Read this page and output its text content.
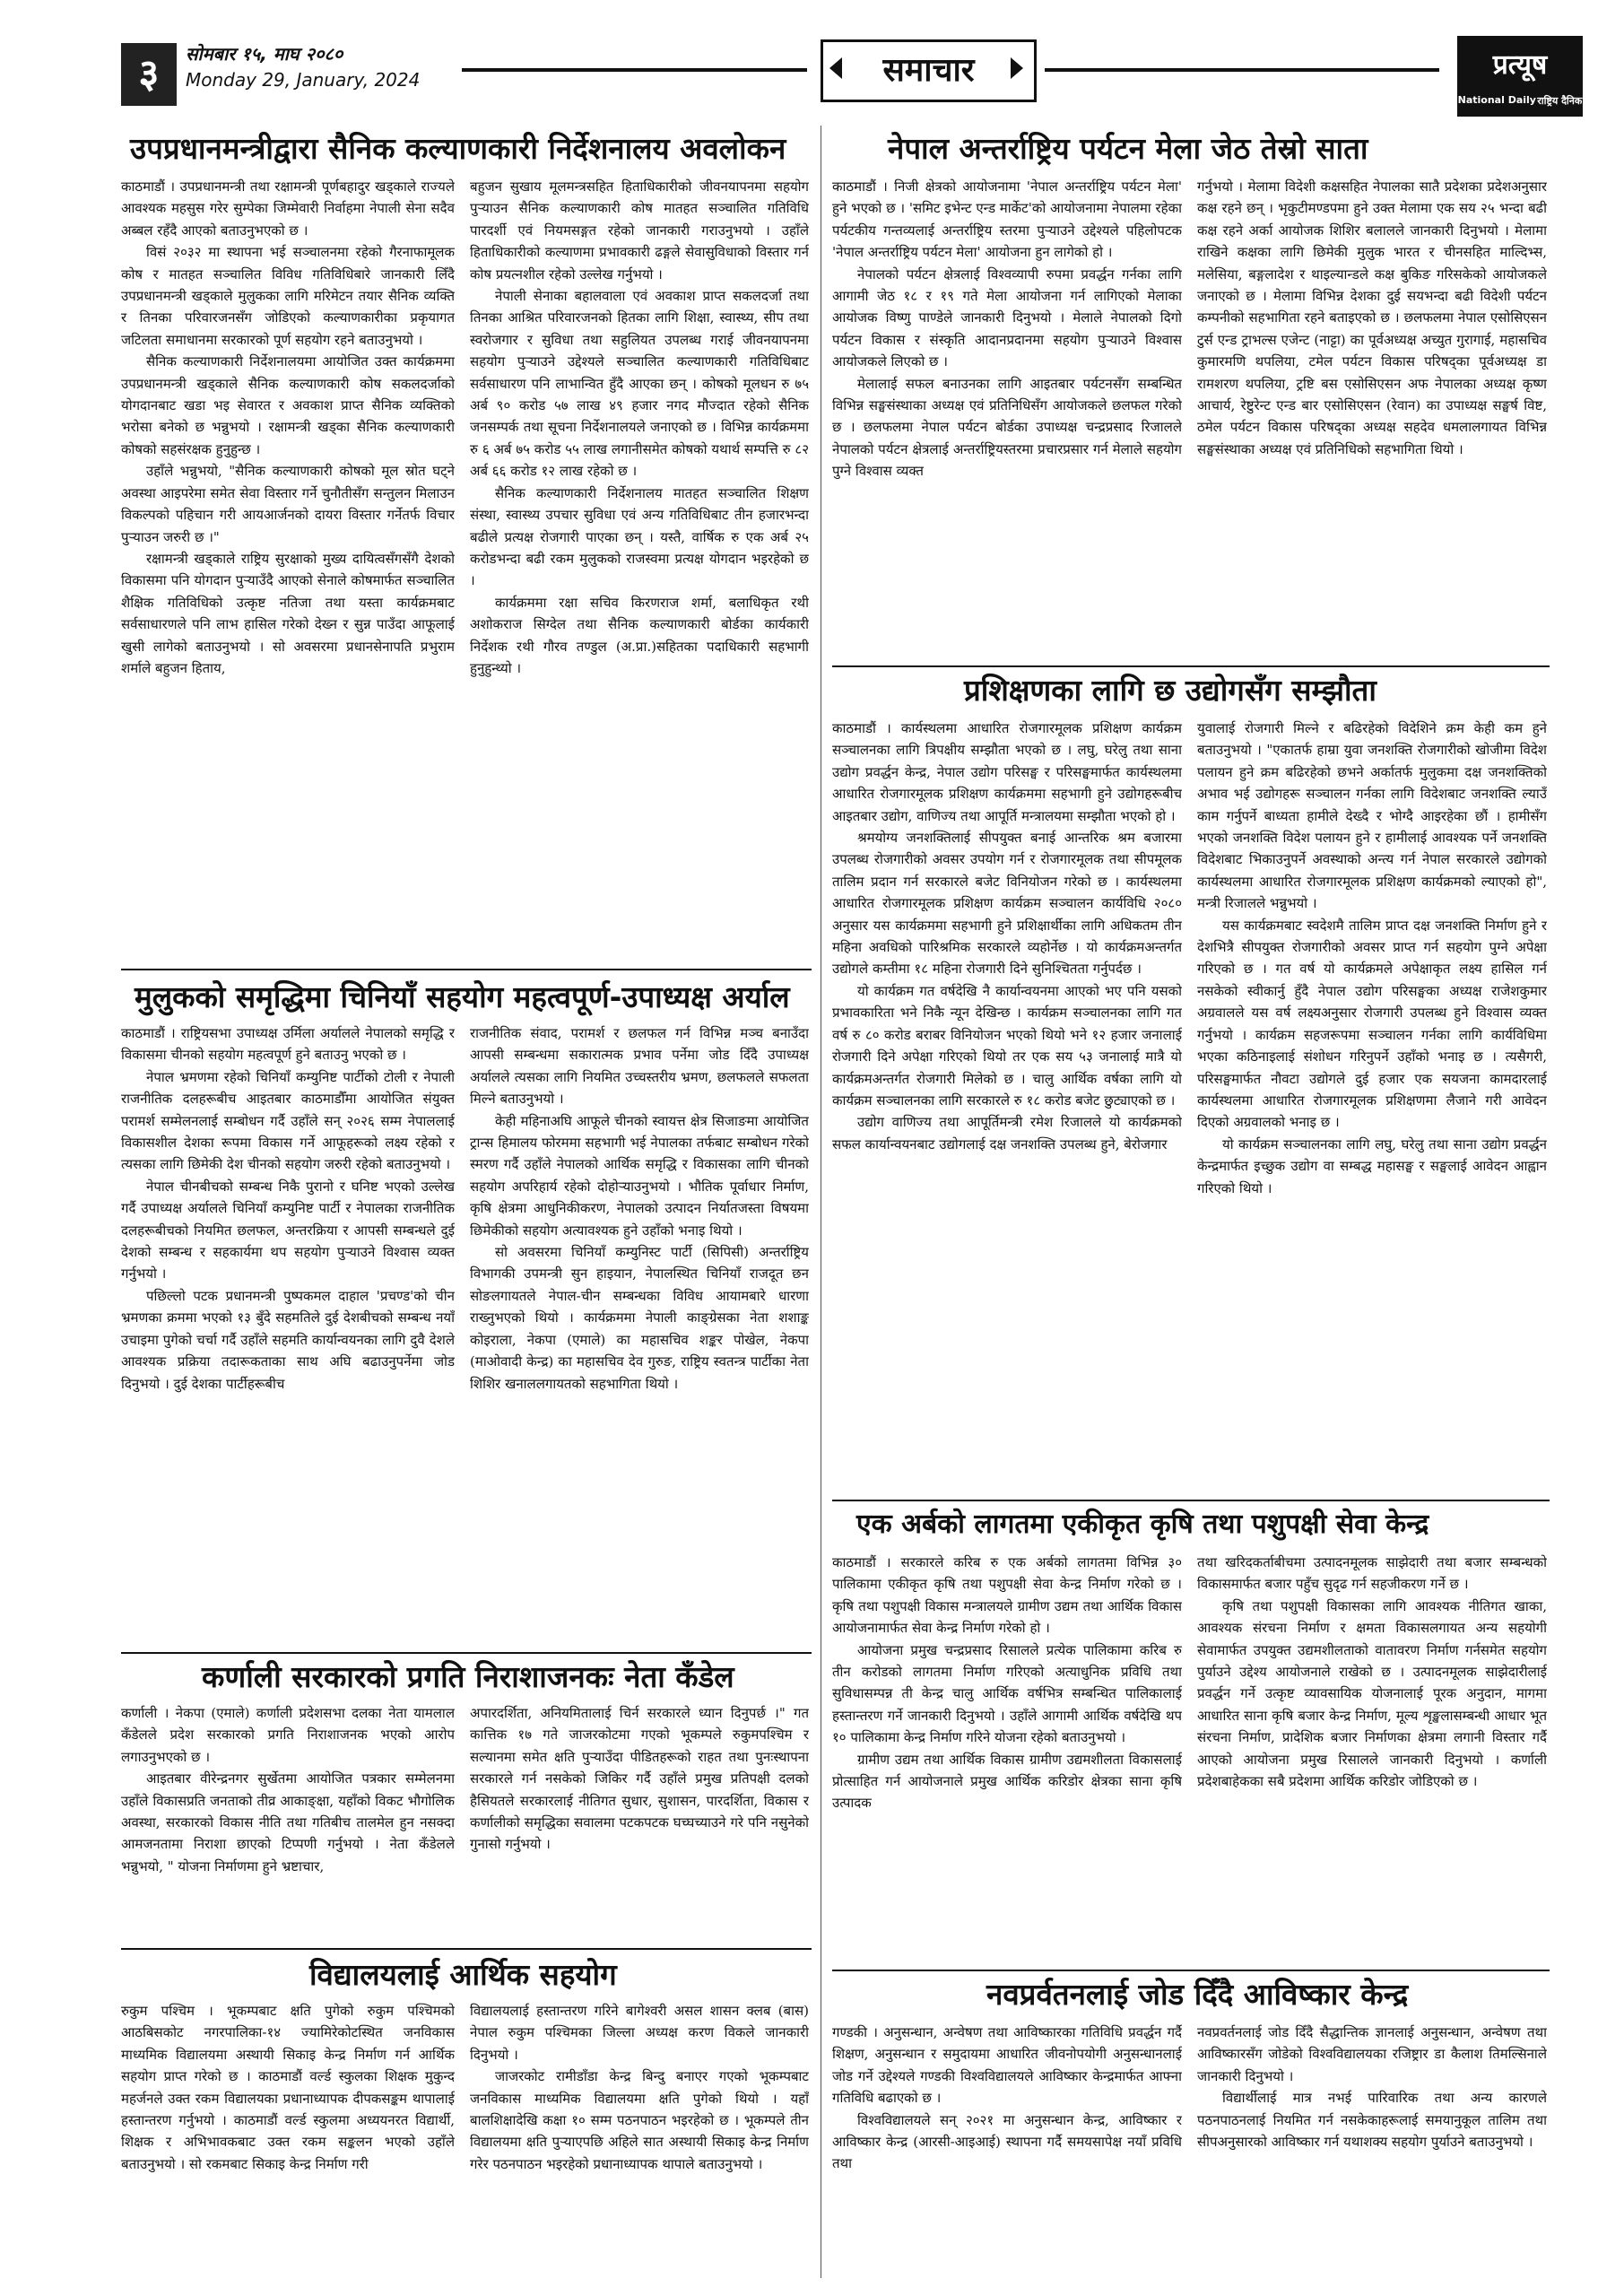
३	सोमबार १५, माघ २०८०
Monday 29, January, 2024	समाचार	प्रत्यूष
National Daily राष्ट्रिय दैनिक
उपप्रधानमन्त्रीद्वारा सैनिक कल्याणकारी निर्देशनालय अवलोकन

काठमाडौं । उपप्रधानमन्त्री तथा रक्षामन्त्री पूर्णबहादुर खड्काले राज्यले आवश्यक महसुस गरेर सुम्पेका जिम्मेवारी निर्वाहमा नेपाली सेना सदैव अब्बल रहँदै आएको बताउनुभएको छ ।

विसं २०३२ मा स्थापना भई सञ्चालनमा रहेको गैरनाफामूलक कोष र मातहत सञ्चालित विविध गतिविधिबारे जानकारी लिँदै उपप्रधानमन्त्री खड्काले मुलुकका लागि मरिमेटन तयार सैनिक व्यक्ति र तिनका परिवारजनसँग जोडिएको कल्याणकारीका प्रकृयागत जटिलता समाधानमा सरकारको पूर्ण सहयोग रहने बताउनुभयो ।

सैनिक कल्याणकारी निर्देशनालयमा आयोजित उक्त कार्यक्रममा उपप्रधानमन्त्री खड्काले सैनिक कल्याणकारी कोष सकलदर्जाको योगदानबाट खडा भइ सेवारत र अवकाश प्राप्त सैनिक व्यक्तिको भरोसा बनेको छ भन्नुभयो । रक्षामन्त्री खड्का सैनिक कल्याणकारी कोषको सहसंरक्षक हुनुहुन्छ ।

उहाँले भन्नुभयो, "सैनिक कल्याणकारी कोषको मूल स्रोत घट्ने अवस्था आइपरेमा समेत सेवा विस्तार गर्ने चुनौतीसँग सन्तुलन मिलाउन विकल्पको पहिचान गरी आयआर्जनको दायरा विस्तार गर्नेतर्फ विचार पुऱ्याउन जरुरी छ ।"

रक्षामन्त्री खड्काले राष्ट्रिय सुरक्षाको मुख्य दायित्वसँगसँगै देशको विकासमा पनि योगदान पुऱ्याउँदै आएको सेनाले कोषमार्फत सञ्चालित शैक्षिक गतिविधिको उत्कृष्ट नतिजा तथा यस्ता कार्यक्रमबाट सर्वसाधारणले पनि लाभ हासिल गरेको देख्न र सुन्न पाउँदा आफूलाई खुसी लागेको बताउनुभयो । सो अवसरमा प्रधानसेनापति प्रभुराम शर्माले बहुजन हिताय,

बहुजन सुखाय मूलमन्त्रसहित हिताधिकारीको जीवनयापनमा सहयोग पुऱ्याउन सैनिक कल्याणकारी कोष मातहत सञ्चालित गतिविधि पारदर्शी एवं नियमसङ्गत रहेको जानकारी गराउनुभयो । उहाँले हिताधिकारीको कल्याणमा प्रभावकारी ढङ्गले सेवासुविधाको विस्तार गर्न कोष प्रयत्नशील रहेको उल्लेख गर्नुभयो ।

नेपाली सेनाका बहालवाला एवं अवकाश प्राप्त सकलदर्जा तथा तिनका आश्रित परिवारजनको हितका लागि शिक्षा, स्वास्थ्य, सीप तथा स्वरोजगार र सुविधा तथा सहुलियत उपलब्ध गराई जीवनयापनमा सहयोग पुऱ्याउने उद्देश्यले सञ्चालित कल्याणकारी गतिविधिबाट सर्वसाधारण पनि लाभान्वित हुँदै आएका छन् । कोषको मूलधन रु ७५ अर्ब ९० करोड ५७ लाख ४९ हजार नगद मौज्दात रहेको सैनिक जनसम्पर्क तथा सूचना निर्देशनालयले जनाएको छ । विभिन्न कार्यक्रममा रु ६ अर्ब ७५ करोड ५५ लाख लगानीसमेत कोषको यथार्थ सम्पत्ति रु ८२ अर्ब ६६ करोड १२ लाख रहेको छ ।

सैनिक कल्याणकारी निर्देशनालय मातहत सञ्चालित शिक्षण संस्था, स्वास्थ्य उपचार सुविधा एवं अन्य गतिविधिबाट तीन हजारभन्दा बढीले प्रत्यक्ष रोजगारी पाएका छन् । यस्तै, वार्षिक रु एक अर्ब २५ करोडभन्दा बढी रकम मुलुकको राजस्वमा प्रत्यक्ष योगदान भइरहेको छ ।

कार्यक्रममा रक्षा सचिव किरणराज शर्मा, बलाधिकृत रथी अशोकराज सिग्देल तथा सैनिक कल्याणकारी बोर्डका कार्यकारी निर्देशक रथी गौरव तण्डुल (अ.प्रा.)सहितका पदाधिकारी सहभागी हुनुहुन्थ्यो ।

मुलुकको समृद्धिमा चिनियाँ सहयोग महत्वपूर्ण-उपाध्यक्ष अर्याल

काठमाडौं । राष्ट्रियसभा उपाध्यक्ष उर्मिला अर्यालले नेपालको समृद्धि र विकासमा चीनको सहयोग महत्वपूर्ण हुने बताउनु भएको छ ।

नेपाल भ्रमणमा रहेको चिनियाँ कम्युनिष्ट पार्टीको टोली र नेपाली राजनीतिक दलहरूबीच आइतबार काठमाडौँमा आयोजित संयुक्त परामर्श सम्मेलनलाई सम्बोधन गर्दै उहाँले सन् २०२६ सम्म नेपाललाई विकासशील देशका रूपमा विकास गर्ने आफूहरूको लक्ष्य रहेको र त्यसका लागि छिमेकी देश चीनको सहयोग जरुरी रहेको बताउनुभयो ।

नेपाल चीनबीचको सम्बन्ध निकै पुरानो र घनिष्ट भएको उल्लेख गर्दै उपाध्यक्ष अर्यालले चिनियाँ कम्युनिष्ट पार्टी र नेपालका राजनीतिक दलहरूबीचको नियमित छलफल, अन्तरक्रिया र आपसी सम्बन्धले दुई देशको सम्बन्ध र सहकार्यमा थप सहयोग पुऱ्याउने विश्वास व्यक्त गर्नुभयो ।

पछिल्लो पटक प्रधानमन्त्री पुष्पकमल दाहाल 'प्रचण्ड'को चीन भ्रमणका क्रममा भएको १३ बुँदे सहमतिले दुई देशबीचको सम्बन्ध नयाँ उचाइमा पुगेको चर्चा गर्दै उहाँले सहमति कार्यान्वयनका लागि दुवै देशले आवश्यक प्रक्रिया तदारूकताका साथ अघि बढाउनुपर्नेमा जोड दिनुभयो । दुई देशका पार्टीहरूबीच

राजनीतिक संवाद, परामर्श र छलफल गर्न विभिन्न मञ्च बनाउँदा आपसी सम्बन्धमा सकारात्मक प्रभाव पर्नेमा जोड दिँदै उपाध्यक्ष अर्यालले त्यसका लागि नियमित उच्चस्तरीय भ्रमण, छलफलले सफलता मिल्ने बताउनुभयो ।

केही महिनाअघि आफूले चीनको स्वायत्त क्षेत्र सिजाङमा आयोजित ट्रान्स हिमालय फोरममा सहभागी भई नेपालका तर्फबाट सम्बोधन गरेको स्मरण गर्दै उहाँले नेपालको आर्थिक समृद्धि र विकासका लागि चीनको सहयोग अपरिहार्य रहेको दोहोऱ्याउनुभयो । भौतिक पूर्वाधार निर्माण, कृषि क्षेत्रमा आधुनिकीकरण, नेपालको उत्पादन निर्यातजस्ता विषयमा छिमेकीको सहयोग अत्यावश्यक हुने उहाँको भनाइ थियो ।

सो अवसरमा चिनियाँ कम्युनिस्ट पार्टी (सिपिसी) अन्तर्राष्ट्रिय विभागकी उपमन्त्री सुन हाइयान, नेपालस्थित चिनियाँ राजदूत छन सोङलगायतले नेपाल-चीन सम्बन्धका विविध आयामबारे धारणा राख्नुभएको थियो । कार्यक्रममा नेपाली काङ्ग्रेसका नेता शशाङ्क कोइराला, नेकपा (एमाले) का महासचिव शङ्कर पोखेल, नेकपा (माओवादी केन्द्र) का महासचिव देव गुरुङ, राष्ट्रिय स्वतन्त्र पार्टीका नेता शिशिर खनाललगायतको सहभागिता थियो ।

कर्णाली सरकारको प्रगति निराशाजनकः नेता कँडेल

कर्णाली । नेकपा (एमाले) कर्णाली प्रदेशसभा दलका नेता यामलाल कँडेलले प्रदेश सरकारको प्रगति निराशाजनक भएको आरोप लगाउनुभएको छ ।

आइतबार वीरेन्द्रनगर सुर्खेतमा आयोजित पत्रकार सम्मेलनमा उहाँले विकासप्रति जनताको तीव्र आकाङ्क्षा, यहाँको विकट भौगोलिक अवस्था, सरकारको विकास नीति तथा गतिबीच तालमेल हुन नसक्दा आमजनतामा निराशा छाएको टिप्पणी गर्नुभयो । नेता कँडेलले भन्नुभयो, " योजना निर्माणमा हुने भ्रष्टाचार,

अपारदर्शिता, अनियमितालाई चिर्न सरकारले ध्यान दिनुपर्छ ।" गत कात्तिक १७ गते जाजरकोटमा गएको भूकम्पले रुकुमपश्चिम र सल्यानमा समेत क्षति पुऱ्याउँदा पीडितहरूको राहत तथा पुनःस्थापना सरकारले गर्न नसकेको जिकिर गर्दै उहाँले प्रमुख प्रतिपक्षी दलको हैसियतले सरकारलाई नीतिगत सुधार, सुशासन, पारदर्शिता, विकास र कर्णालीको समृद्धिका सवालमा पटकपटक घच्घच्याउने गरे पनि नसुनेको गुनासो गर्नुभयो ।

विद्यालयलाई आर्थिक सहयोग

रुकुम पश्चिम । भूकम्पबाट क्षति पुगेको रुकुम पश्चिमको आठबिसकोट नगरपालिका-१४ ज्यामिरेकोटस्थित जनविकास माध्यमिक विद्यालयमा अस्थायी सिकाइ केन्द्र निर्माण गर्न आर्थिक सहयोग प्राप्त गरेको छ । काठमाडौं वर्ल्ड स्कुलका शिक्षक मुकुन्द महर्जनले उक्त रकम विद्यालयका प्रधानाध्यापक दीपकसङ्कम थापालाई हस्तान्तरण गर्नुभयो । काठमाडौं वर्ल्ड स्कुलमा अध्ययनरत विद्यार्थी, शिक्षक र अभिभावकबाट उक्त रकम सङ्कलन भएको उहाँले बताउनुभयो । सो रकमबाट सिकाइ केन्द्र निर्माण गरी

विद्यालयलाई हस्तान्तरण गरिने बागेश्वरी असल शासन क्लब (बास) नेपाल रुकुम पश्चिमका जिल्ला अध्यक्ष करण विकले जानकारी दिनुभयो ।

जाजरकोट रामीडाँडा केन्द्र बिन्दु बनाएर गएको भूकम्पबाट जनविकास माध्यमिक विद्यालयमा क्षति पुगेको थियो । यहाँ बालशिक्षादेखि कक्षा १० सम्म पठनपाठन भइरहेको छ । भूकम्पले तीन विद्यालयमा क्षति पुऱ्याएपछि अहिले सात अस्थायी सिकाइ केन्द्र निर्माण गरेर पठनपाठन भइरहेको प्रधानाध्यापक थापाले बताउनुभयो ।

नेपाल अन्तर्राष्ट्रिय पर्यटन मेला जेठ तेस्रो साता

काठमाडौं । निजी क्षेत्रको आयोजनामा 'नेपाल अन्तर्राष्ट्रिय पर्यटन मेला' हुने भएको छ । 'समिट इभेन्ट एन्ड मार्केट'को आयोजनामा नेपालमा रहेका पर्यटकीय गन्तव्यलाई अन्तर्राष्ट्रिय स्तरमा पुऱ्याउने उद्देश्यले पहिलोपटक 'नेपाल अन्तर्राष्ट्रिय पर्यटन मेला' आयोजना हुन लागेको हो ।

नेपालको पर्यटन क्षेत्रलाई विश्वव्यापी रुपमा प्रवर्द्धन गर्नका लागि आगामी जेठ १८ र १९ गते मेला आयोजना गर्न लागिएको मेलाका आयोजक विष्णु पाण्डेले जानकारी दिनुभयो । मेलाले नेपालको दिगो पर्यटन विकास र संस्कृति आदानप्रदानमा सहयोग पुऱ्याउने विश्वास आयोजकले लिएको छ ।

मेलालाई सफल बनाउनका लागि आइतबार पर्यटनसँग सम्बन्धित विभिन्न सङ्घसंस्थाका अध्यक्ष एवं प्रतिनिधिसँग आयोजकले छलफल गरेको छ । छलफलमा नेपाल पर्यटन बोर्डका उपाध्यक्ष चन्द्रप्रसाद रिजालले नेपालको पर्यटन क्षेत्रलाई अन्तर्राष्ट्रियस्तरमा प्रचारप्रसार गर्न मेलाले सहयोग पुग्ने विश्वास व्यक्त

गर्नुभयो । मेलामा विदेशी कक्षसहित नेपालका सातै प्रदेशका प्रदेशअनुसार कक्ष रहने छन् । भृकुटीमण्डपमा हुने उक्त मेलामा एक सय २५ भन्दा बढी कक्ष रहने अर्का आयोजक शिशिर बलालले जानकारी दिनुभयो । मेलामा राखिने कक्षका लागि छिमेकी मुलुक भारत र चीनसहित माल्दिभ्स, मलेसिया, बङ्गलादेश र थाइल्यान्डले कक्ष बुकिङ गरिसकेको आयोजकले जनाएको छ । मेलामा विभिन्न देशका दुई सयभन्दा बढी विदेशी पर्यटन कम्पनीको सहभागिता रहने बताइएको छ । छलफलमा नेपाल एसोसिएसन टुर्स एन्ड ट्राभल्स एजेन्ट (नाट्टा) का पूर्वअध्यक्ष अच्युत गुरागाई, महासचिव कुमारमणि थपलिया, टमेल पर्यटन विकास परिषद्का पूर्वअध्यक्ष डा रामशरण थपलिया, ट्रष्टि बस एसोसिएसन अफ नेपालका अध्यक्ष कृष्ण आचार्य, रेष्टुरेन्ट एन्ड बार एसोसिएसन (रेवान) का उपाध्यक्ष सङ्घर्ष विष्ट, ठमेल पर्यटन विकास परिषद्का अध्यक्ष सहदेव धमलालगायत विभिन्न सङ्घसंस्थाका अध्यक्ष एवं प्रतिनिधिको सहभागिता थियो ।

प्रशिक्षणका लागि छ उद्योगसँग सम्झौता

काठमाडौं । कार्यस्थलमा आधारित रोजगारमूलक प्रशिक्षण कार्यक्रम सञ्चालनका लागि त्रिपक्षीय सम्झौता भएको छ । लघु, घरेलु तथा साना उद्योग प्रवर्द्धन केन्द्र, नेपाल उद्योग परिसङ्घ र परिसङ्घमार्फत कार्यस्थलमा आधारित रोजगारमूलक प्रशिक्षण कार्यक्रममा सहभागी हुने उद्योगहरूबीच आइतबार उद्योग, वाणिज्य तथा आपूर्ति मन्त्रालयमा सम्झौता भएको हो ।

श्रमयोग्य जनशक्तिलाई सीपयुक्त बनाई आन्तरिक श्रम बजारमा उपलब्ध रोजगारीको अवसर उपयोग गर्न र रोजगारमूलक तथा सीपमूलक तालिम प्रदान गर्न सरकारले बजेट विनियोजन गरेको छ । कार्यस्थलमा आधारित रोजगारमूलक प्रशिक्षण कार्यक्रम सञ्चालन कार्यविधि २०८० अनुसार यस कार्यक्रममा सहभागी हुने प्रशिक्षार्थीका लागि अधिकतम तीन महिना अवधिको पारिश्रमिक सरकारले व्यहोर्नेछ । यो कार्यक्रमअन्तर्गत उद्योगले कम्तीमा १८ महिना रोजगारी दिने सुनिश्चितता गर्नुपर्दछ ।

यो कार्यक्रम गत वर्षदेखि नै कार्यान्वयनमा आएको भए पनि यसको प्रभावकारिता भने निकै न्यून देखिन्छ । कार्यक्रम सञ्चालनका लागि गत वर्ष रु ८० करोड बराबर विनियोजन भएको थियो भने १२ हजार जनालाई रोजगारी दिने अपेक्षा गरिएको थियो तर एक सय ५३ जनालाई मात्रै यो कार्यक्रमअन्तर्गत रोजगारी मिलेको छ । चालु आर्थिक वर्षका लागि यो कार्यक्रम सञ्चालनका लागि सरकारले रु १८ करोड बजेट छुट्याएको छ ।

उद्योग वाणिज्य तथा आपूर्तिमन्त्री रमेश रिजालले यो कार्यक्रमको सफल कार्यान्वयनबाट उद्योगलाई दक्ष जनशक्ति उपलब्ध हुने, बेरोजगार

युवालाई रोजगारी मिल्ने र बढिरहेको विदेशिने क्रम केही कम हुने बताउनुभयो । "एकातर्फ हाम्रा युवा जनशक्ति रोजगारीको खोजीमा विदेश पलायन हुने क्रम बढिरहेको छभने अर्कातर्फ मुलुकमा दक्ष जनशक्तिको अभाव भई उद्योगहरू सञ्चालन गर्नका लागि विदेशबाट जनशक्ति ल्याउँ काम गर्नुपर्ने बाध्यता हामीले देख्दै र भोग्दै आइरहेका छौं । हामीसँग भएको जनशक्ति विदेश पलायन हुने र हामीलाई आवश्यक पर्ने जनशक्ति विदेशबाट भिकाउनुपर्ने अवस्थाको अन्त्य गर्न नेपाल सरकारले उद्योगको कार्यस्थलमा आधारित रोजगारमूलक प्रशिक्षण कार्यक्रमको ल्याएको हो", मन्त्री रिजालले भन्नुभयो ।

यस कार्यक्रमबाट स्वदेशमै तालिम प्राप्त दक्ष जनशक्ति निर्माण हुने र देशभित्रै सीपयुक्त रोजगारीको अवसर प्राप्त गर्न सहयोग पुग्ने अपेक्षा गरिएको छ । गत वर्ष यो कार्यक्रमले अपेक्षाकृत लक्ष्य हासिल गर्न नसकेको स्वीकार्नु हुँदै नेपाल उद्योग परिसङ्घका अध्यक्ष राजेशकुमार अग्रवालले यस वर्ष लक्ष्यअनुसार रोजगारी उपलब्ध हुने विश्वास व्यक्त गर्नुभयो । कार्यक्रम सहजरूपमा सञ्चालन गर्नका लागि कार्यविधिमा भएका कठिनाइलाई संशोधन गरिनुपर्ने उहाँको भनाइ छ । त्यसैगरी, परिसङ्घमार्फत नौवटा उद्योगले दुई हजार एक सयजना कामदारलाई कार्यस्थलमा आधारित रोजगारमूलक प्रशिक्षणमा लैजाने गरी आवेदन दिएको अग्रवालको भनाइ छ ।

यो कार्यक्रम सञ्चालनका लागि लघु, घरेलु तथा साना उद्योग प्रवर्द्धन केन्द्रमार्फत इच्छुक उद्योग वा सम्बद्ध महासङ्घ र सङ्घलाई आवेदन आह्वान गरिएको थियो ।

एक अर्बको लागतमा एकीकृत कृषि तथा पशुपक्षी सेवा केन्द्र

काठमाडौं । सरकारले करिब रु एक अर्बको लागतमा विभिन्न ३० पालिकामा एकीकृत कृषि तथा पशुपक्षी सेवा केन्द्र निर्माण गरेको छ । कृषि तथा पशुपक्षी विकास मन्त्रालयले ग्रामीण उद्यम तथा आर्थिक विकास आयोजनामार्फत सेवा केन्द्र निर्माण गरेको हो ।

आयोजना प्रमुख चन्द्रप्रसाद रिसालले प्रत्येक पालिकामा करिब रु तीन करोडको लागतमा निर्माण गरिएको अत्याधुनिक प्रविधि तथा सुविधासम्पन्न ती केन्द्र चालु आर्थिक वर्षभित्र सम्बन्धित पालिकालाई हस्तान्तरण गर्ने जानकारी दिनुभयो । उहाँले आगामी आर्थिक वर्षदेखि थप १० पालिकामा केन्द्र निर्माण गरिने योजना रहेको बताउनुभयो ।

ग्रामीण उद्यम तथा आर्थिक विकास ग्रामीण उद्यमशीलता विकासलाई प्रोत्साहित गर्न आयोजनाले प्रमुख आर्थिक करिडोर क्षेत्रका साना कृषि उत्पादक

तथा खरिदकर्ताबीचमा उत्पादनमूलक साझेदारी तथा बजार सम्बन्धको विकासमार्फत बजार पहुँच सुदृढ गर्न सहजीकरण गर्ने छ ।

कृषि तथा पशुपक्षी विकासका लागि आवश्यक नीतिगत खाका, आवश्यक संरचना निर्माण र क्षमता विकासलगायत अन्य सहयोगी सेवामार्फत उपयुक्त उद्यमशीलताको वातावरण निर्माण गर्नसमेत सहयोग पुर्याउने उद्देश्य आयोजनाले राखेको छ । उत्पादनमूलक साझेदारीलाई प्रवर्द्धन गर्ने उत्कृष्ट व्यावसायिक योजनालाई पूरक अनुदान, मागमा आधारित साना कृषि बजार केन्द्र निर्माण, मूल्य शृङ्खलासम्बन्धी आधार भूत संरचना निर्माण, प्रादेशिक बजार निर्माणका क्षेत्रमा लगानी विस्तार गर्दै आएको आयोजना प्रमुख रिसालले जानकारी दिनुभयो । कर्णाली प्रदेशबाहेकका सबै प्रदेशमा आर्थिक करिडोर जोडिएको छ ।

नवप्रर्वतनलाई जोड दिँदै आविष्कार केन्द्र

गण्डकी । अनुसन्धान, अन्वेषण तथा आविष्कारका गतिविधि प्रवर्द्धन गर्दै शिक्षण, अनुसन्धान र समुदायमा आधारित जीवनोपयोगी अनुसन्धानलाई जोड गर्ने उद्देश्यले गण्डकी विश्वविद्यालयले आविष्कार केन्द्रमार्फत आफ्ना गतिविधि बढाएको छ ।

विश्वविद्यालयले सन् २०२१ मा अनुसन्धान केन्द्र, आविष्कार र आविष्कार केन्द्र (आरसी-आइआई) स्थापना गर्दै समयसापेक्ष नयाँ प्रविधि तथा

नवप्रवर्तनलाई जोड दिँदै सैद्धान्तिक ज्ञानलाई अनुसन्धान, अन्वेषण तथा आविष्कारसँग जोडेको विश्वविद्यालयका रजिष्ट्रार डा कैलाश तिमल्सिनाले जानकारी दिनुभयो ।

विद्यार्थीलाई मात्र नभई पारिवारिक तथा अन्य कारणले पठनपाठनलाई नियमित गर्न नसकेकाहरूलाई समयानुकूल तालिम तथा सीपअनुसारको आविष्कार गर्न यथाशक्य सहयोग पुर्याउने बताउनुभयो ।
